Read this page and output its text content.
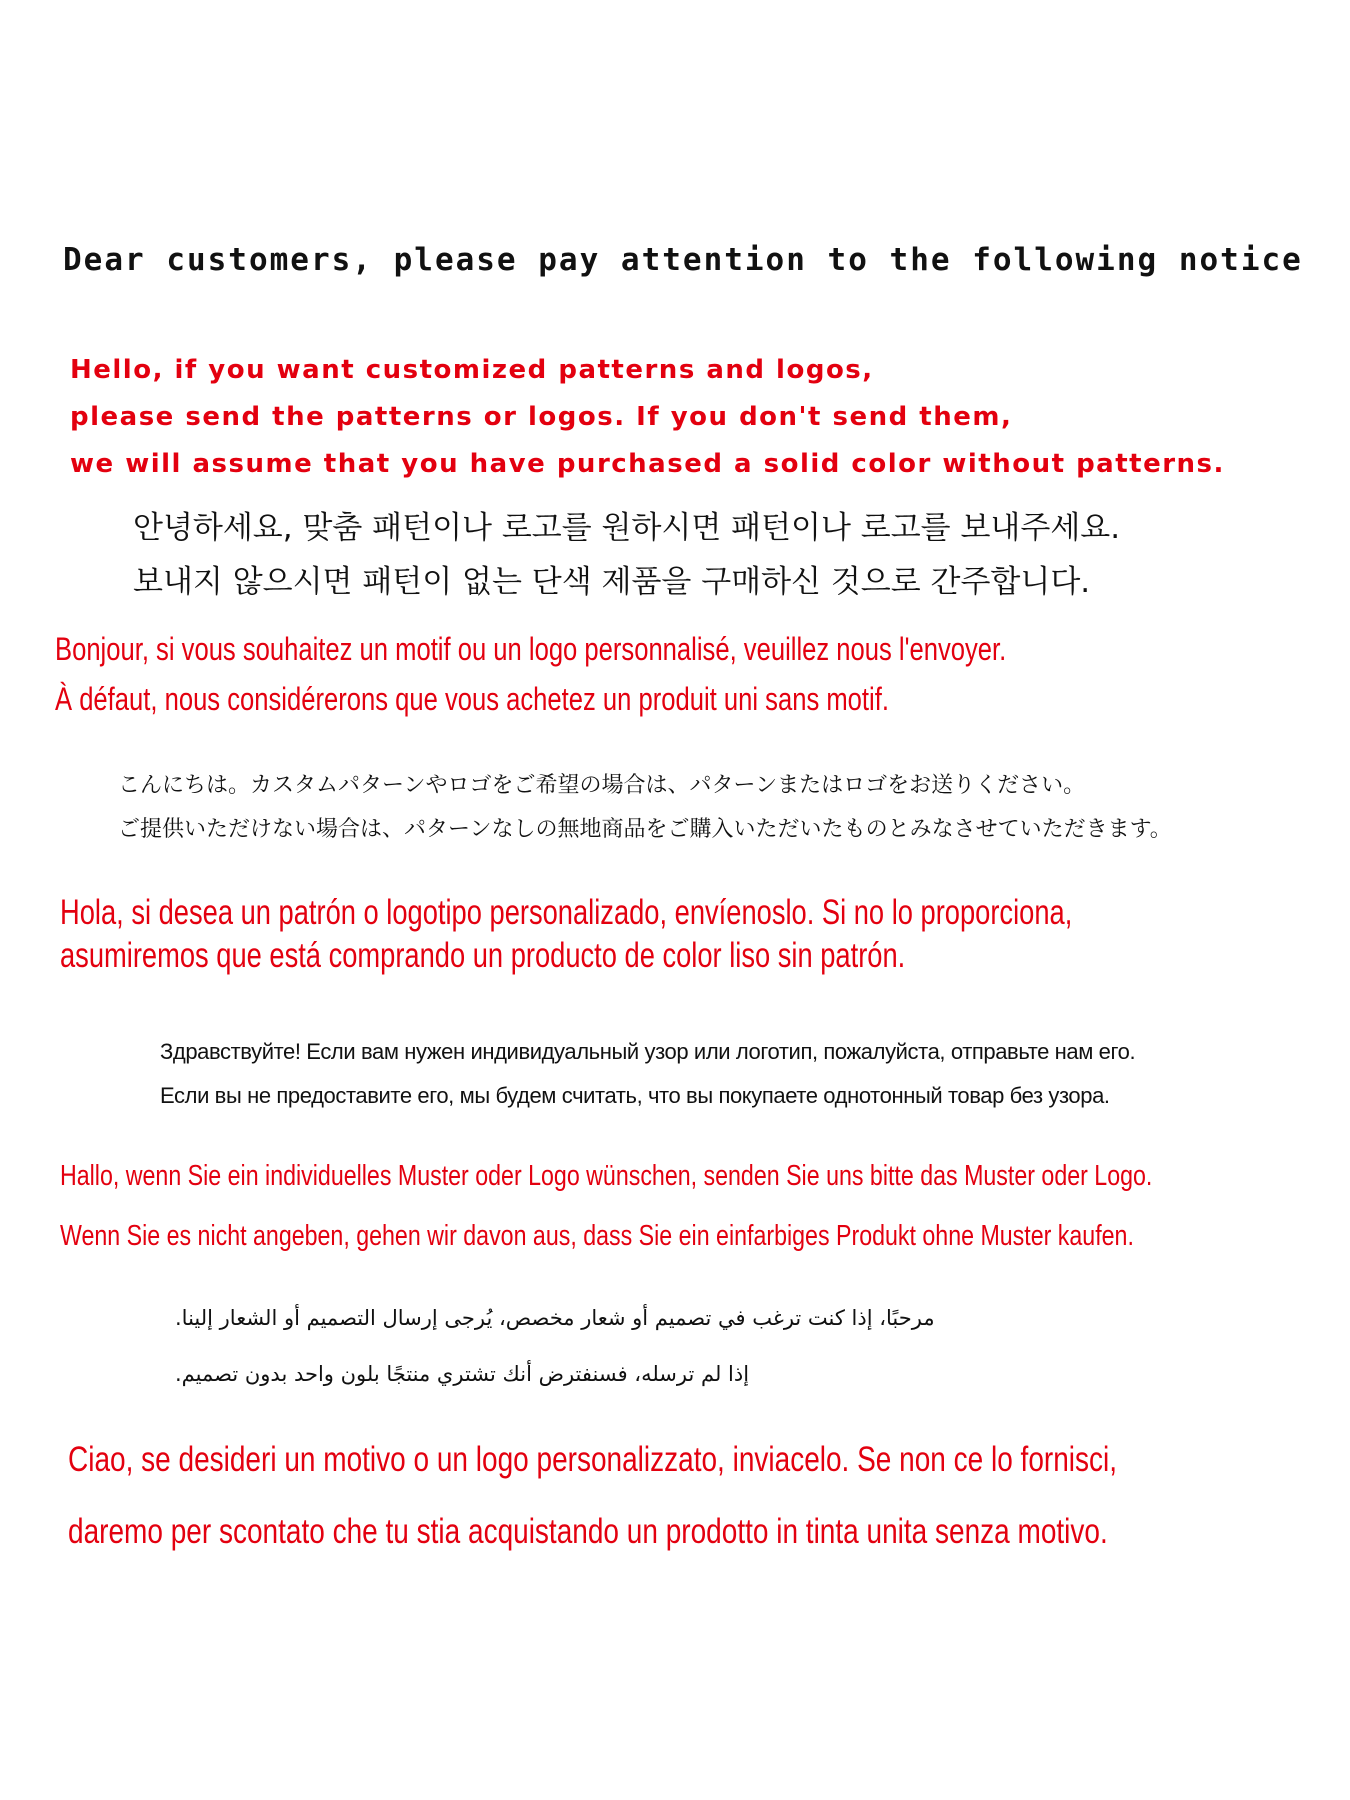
Dear customers, please pay attention to the following notice
Hello, if you want customized patterns and logos,
please send the patterns or logos. If you don't send them,
we will assume that you have purchased a solid color without patterns.
안녕하세요, 맞춤 패턴이나 로고를 원하시면 패턴이나 로고를 보내주세요.
보내지 않으시면 패턴이 없는 단색 제품을 구매하신 것으로 간주합니다.
Bonjour, si vous souhaitez un motif ou un logo personnalisé, veuillez nous l'envoyer.
À défaut, nous considérerons que vous achetez un produit uni sans motif.
こんにちは。カスタムパターンやロゴをご希望の場合は、パターンまたはロゴをお送りください。
ご提供いただけない場合は、パターンなしの無地商品をご購入いただいたものとみなさせていただきます。
Hola, si desea un patrón o logotipo personalizado, envíenoslo. Si no lo proporciona,
asumiremos que está comprando un producto de color liso sin patrón.
Здравствуйте! Если вам нужен индивидуальный узор или логотип, пожалуйста, отправьте нам его.
Если вы не предоставите его, мы будем считать, что вы покупаете однотонный товар без узора.
Hallo, wenn Sie ein individuelles Muster oder Logo wünschen, senden Sie uns bitte das Muster oder Logo.
Wenn Sie es nicht angeben, gehen wir davon aus, dass Sie ein einfarbiges Produkt ohne Muster kaufen.
مرحبًا، إذا كنت ترغب في تصميم أو شعار مخصص، يُرجى إرسال التصميم أو الشعار إلينا.
إذا لم ترسله، فسنفترض أنك تشتري منتجًا بلون واحد بدون تصميم.
Ciao, se desideri un motivo o un logo personalizzato, inviacelo. Se non ce lo fornisci,
daremo per scontato che tu stia acquistando un prodotto in tinta unita senza motivo.
